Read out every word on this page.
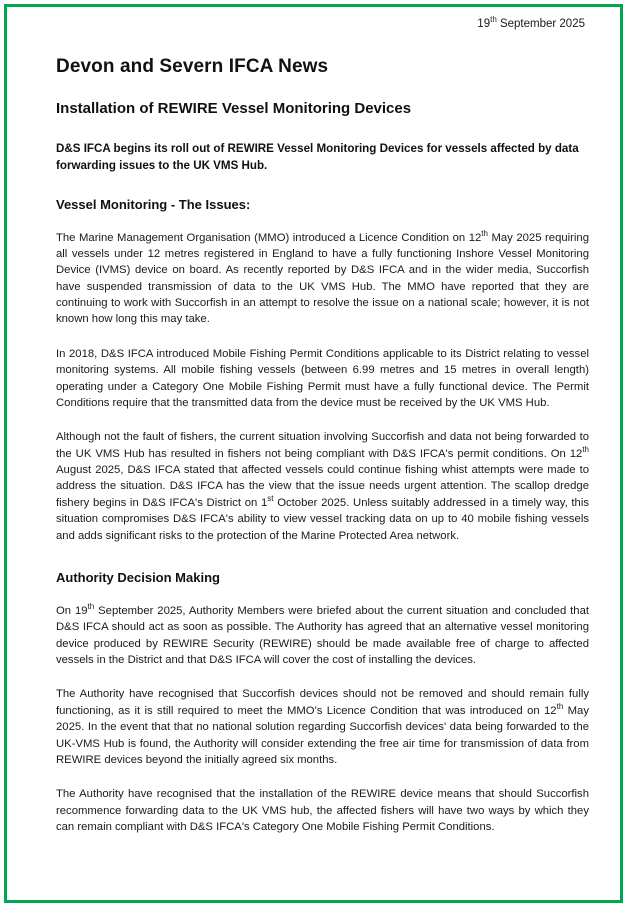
19th September 2025
Devon and Severn IFCA News
Installation of REWIRE Vessel Monitoring Devices

D&S IFCA begins its roll out of REWIRE Vessel Monitoring Devices for vessels affected by data forwarding issues to the UK VMS Hub.

Vessel Monitoring - The Issues:

The Marine Management Organisation (MMO) introduced a Licence Condition on 12th May 2025 requiring all vessels under 12 metres registered in England to have a fully functioning Inshore Vessel Monitoring Device (IVMS) device on board. As recently reported by D&S IFCA and in the wider media, Succorfish have suspended transmission of data to the UK VMS Hub. The MMO have reported that they are continuing to work with Succorfish in an attempt to resolve the issue on a national scale; however, it is not known how long this may take.

In 2018, D&S IFCA introduced Mobile Fishing Permit Conditions applicable to its District relating to vessel monitoring systems. All mobile fishing vessels (between 6.99 metres and 15 metres in overall length) operating under a Category One Mobile Fishing Permit must have a fully functional device. The Permit Conditions require that the transmitted data from the device must be received by the UK VMS Hub.

Although not the fault of fishers, the current situation involving Succorfish and data not being forwarded to the UK VMS Hub has resulted in fishers not being compliant with D&S IFCA's permit conditions. On 12th August 2025, D&S IFCA stated that affected vessels could continue fishing whist attempts were made to address the situation. D&S IFCA has the view that the issue needs urgent attention. The scallop dredge fishery begins in D&S IFCA's District on 1st October 2025. Unless suitably addressed in a timely way, this situation compromises D&S IFCA's ability to view vessel tracking data on up to 40 mobile fishing vessels and adds significant risks to the protection of the Marine Protected Area network.

Authority Decision Making

On 19th September 2025, Authority Members were briefed about the current situation and concluded that D&S IFCA should act as soon as possible. The Authority has agreed that an alternative vessel monitoring device produced by REWIRE Security (REWIRE) should be made available free of charge to affected vessels in the District and that D&S IFCA will cover the cost of installing the devices.

The Authority have recognised that Succorfish devices should not be removed and should remain fully functioning, as it is still required to meet the MMO's Licence Condition that was introduced on 12th May 2025. In the event that that no national solution regarding Succorfish devices' data being forwarded to the UK-VMS Hub is found, the Authority will consider extending the free air time for transmission of data from REWIRE devices beyond the initially agreed six months.

The Authority have recognised that the installation of the REWIRE device means that should Succorfish recommence forwarding data to the UK VMS hub, the affected fishers will have two ways by which they can remain compliant with D&S IFCA's Category One Mobile Fishing Permit Conditions.
